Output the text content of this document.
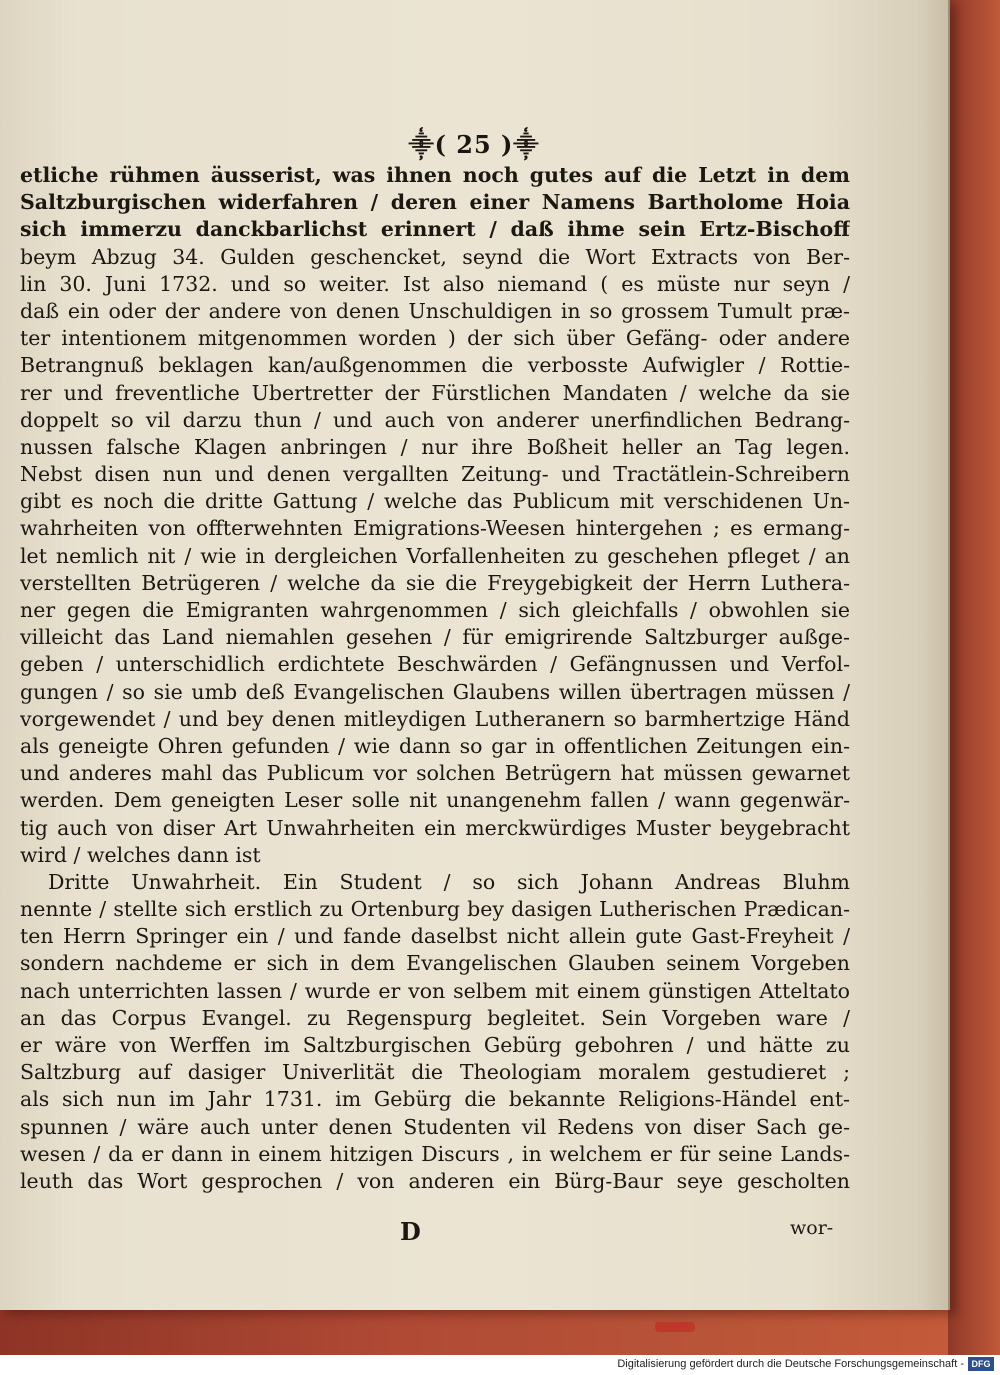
⸎( 25 )⸎
etliche rühmen äusserist, was ihnen noch gutes auf die Letzt in dem
Saltzburgischen widerfahren / deren einer Namens Bartholome Hoia
sich immerzu danckbarlichst erinnert / daß ihme sein Ertz-Bischoff
beym Abzug 34. Gulden geschencket, seynd die Wort Extracts von Ber-
lin 30. Juni 1732. und so weiter. Ist also niemand ( es müste nur seyn /
daß ein oder der andere von denen Unschuldigen in so grossem Tumult præ-
ter intentionem mitgenommen worden ) der sich über Gefäng- oder andere
Betrangnuß beklagen kan/außgenommen die verbosste Aufwigler / Rottie-
rer und freventliche Ubertretter der Fürstlichen Mandaten / welche da sie
doppelt so vil darzu thun / und auch von anderer unerfindlichen Bedrang-
nussen falsche Klagen anbringen / nur ihre Boßheit heller an Tag legen.
Nebst disen nun und denen vergallten Zeitung- und Tractätlein-Schreibern
gibt es noch die dritte Gattung / welche das Publicum mit verschidenen Un-
wahrheiten von offterwehnten Emigrations-Weesen hintergehen ; es ermang-
let nemlich nit / wie in dergleichen Vorfallenheiten zu geschehen pfleget / an
verstellten Betrügeren / welche da sie die Freygebigkeit der Herrn Luthera-
ner gegen die Emigranten wahrgenommen / sich gleichfalls / obwohlen sie
villeicht das Land niemahlen gesehen / für emigrirende Saltzburger außge-
geben / unterschidlich erdichtete Beschwärden / Gefängnussen und Verfol-
gungen / so sie umb deß Evangelischen Glaubens willen übertragen müssen /
vorgewendet / und bey denen mitleydigen Lutheranern so barmhertzige Händ
als geneigte Ohren gefunden / wie dann so gar in offentlichen Zeitungen ein-
und anderes mahl das Publicum vor solchen Betrügern hat müssen gewarnet
werden. Dem geneigten Leser solle nit unangenehm fallen / wann gegenwär-
tig auch von diser Art Unwahrheiten ein merckwürdiges Muster beygebracht
wird / welches dann ist
Dritte Unwahrheit. Ein Student / so sich Johann Andreas Bluhm
nennte / stellte sich erstlich zu Ortenburg bey dasigen Lutherischen Prædican-
ten Herrn Springer ein / und fande daselbst nicht allein gute Gast-Freyheit /
sondern nachdeme er sich in dem Evangelischen Glauben seinem Vorgeben
nach unterrichten lassen / wurde er von selbem mit einem günstigen Atteltato
an das Corpus Evangel. zu Regenspurg begleitet. Sein Vorgeben ware /
er wäre von Werffen im Saltzburgischen Gebürg gebohren / und hätte zu
Saltzburg auf dasiger Univerlität die Theologiam moralem gestudieret ;
als sich nun im Jahr 1731. im Gebürg die bekannte Religions-Händel ent-
spunnen / wäre auch unter denen Studenten vil Redens von diser Sach ge-
wesen / da er dann in einem hitzigen Discurs , in welchem er für seine Lands-
leuth das Wort gesprochen / von anderen ein Bürg-Baur seye gescholten
D	wor-
Digitalisierung gefördert durch die Deutsche Forschungsgemeinschaft - DFG
